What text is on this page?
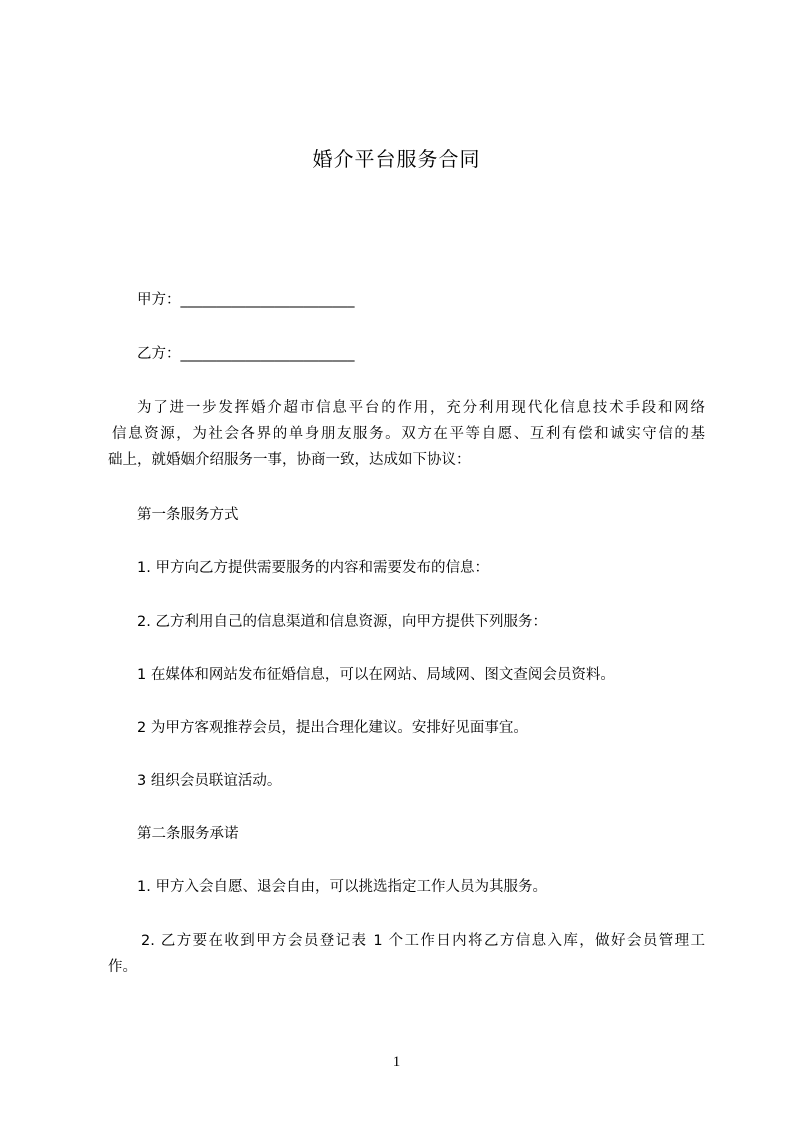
婚介平台服务合同
甲方：________________________
乙方：________________________
为了进一步发挥婚介超市信息平台的作用，充分利用现代化信息技术手段和网络
信息资源，为社会各界的单身朋友服务。双方在平等自愿、互利有偿和诚实守信的基
础上，就婚姻介绍服务一事，协商一致，达成如下协议：
第一条服务方式
1. 甲方向乙方提供需要服务的内容和需要发布的信息：
2. 乙方利用自己的信息渠道和信息资源，向甲方提供下列服务：
1 在媒体和网站发布征婚信息，可以在网站、局域网、图文查阅会员资料。
2 为甲方客观推荐会员，提出合理化建议。安排好见面事宜。
3 组织会员联谊活动。
第二条服务承诺
1. 甲方入会自愿、退会自由，可以挑选指定工作人员为其服务。
2. 乙方要在收到甲方会员登记表 1 个工作日内将乙方信息入库，做好会员管理工
作。
1
